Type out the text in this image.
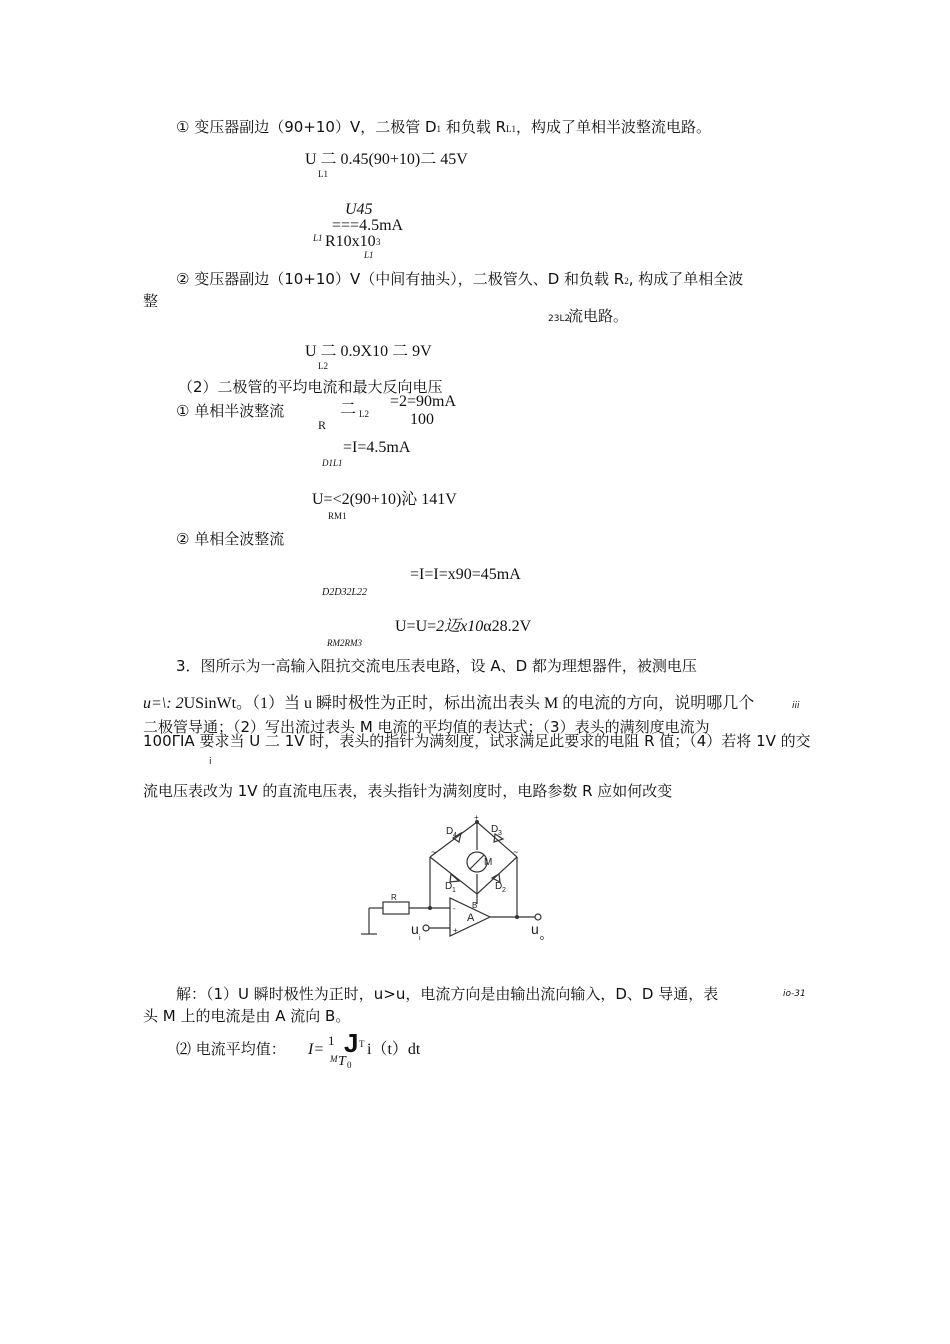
① 变压器副边（90+10）V，二极管 D1 和负载 RL1，构成了单相半波整流电路。
U 二 0.45(90+10)二 45V
L1
U45
===4.5mA
L1 R10x10 3
L1
② 变压器副边（10+10）V（中间有抽头），二极管久、D 和负载 R2, 构成了单相全波
整
23L2
流电路。
U 二 0.9X10 二 9V
L2
（2）二极管的平均电流和最大反向电压
=2=90mA
① 单相半波整流	二 L2	100
R
=I=4.5mA
D1L1
U=<2(90+10)沁 141V
RM1
② 单相全波整流
=I=I=x90=45mA
D2D32L22
U=U=2迈x10α28.2V
RM2RM3
3．图所示为一高输入阻抗交流电压表电路，设 A、D 都为理想器件，被测电压
u=\: 2USinWt。（1）当 u 瞬时极性为正时，标出流出表头 M 的电流的方向，说明哪几个	iii
二极管导通；（2）写出流过表头 M 电流的平均值的表达式；（3）表头的满刻度电流为
100ΓIA 要求当 U 二 1V 时，表头的指针为满刻度，试求满足此要求的电阻 R 值；（4）若将 1V 的交
i
流电压表改为 1V 的直流电压表，表头指针为满刻度时，电路参数 R 应如何改变
D 4
D 3
D 1	D 2
M
R
A
B
u
i
u
o
~	~
+
-
+
解：（1）U 瞬时极性为正时，u>u，电流方向是由输出流向输入，D、D 导通，表	io-31
头 M 上的电流是由 A 流向 B。
⑵ 电流平均值： I=
1 J T i（t）dt
M T 0
